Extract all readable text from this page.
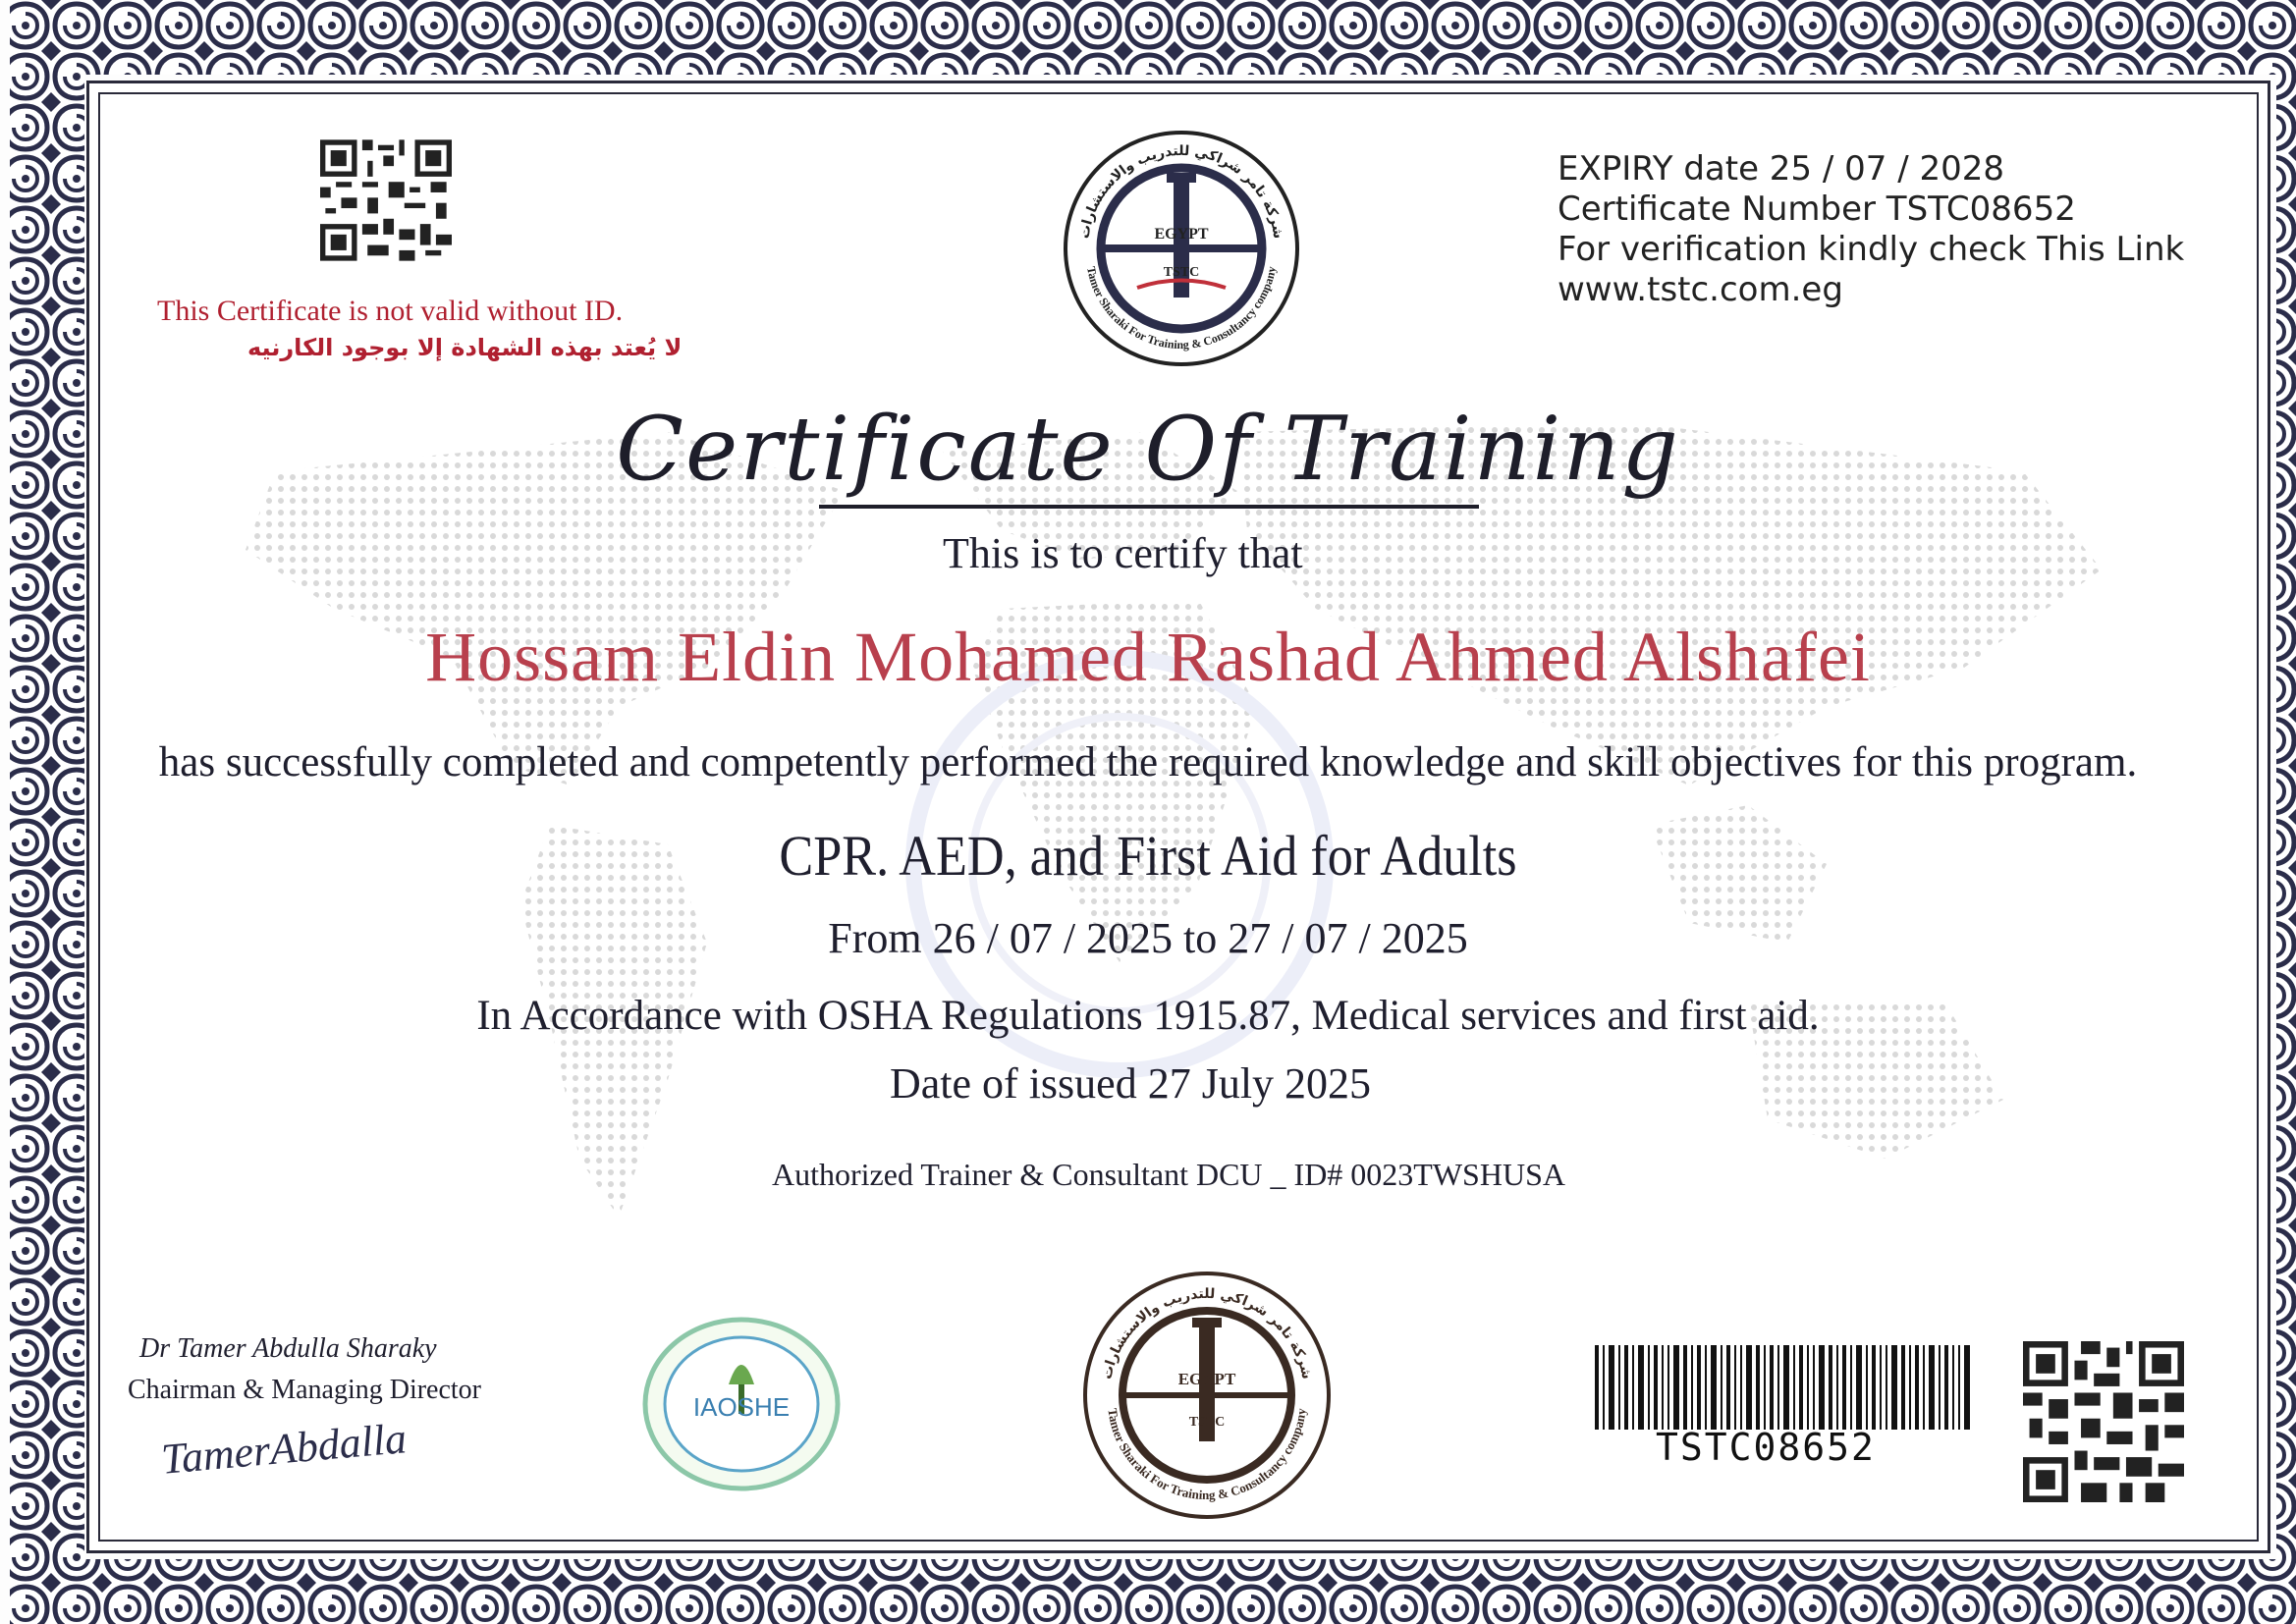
This Certificate is not valid without ID.
لا يُعتد بهذه الشهادة إلا بوجود الكارنيه
شركة تامر شراكي للتدريب والاستشارات
Tamer Sharaki For Training & Consultancy company
EGYPT
TSTC
EXPIRY date 25 / 07 / 2028
Certificate Number TSTC08652
For verification kindly check This Link
www.tstc.com.eg
Certificate Of Training
This is to certify that
Hossam Eldin Mohamed Rashad Ahmed Alshafei
has successfully completed and competently performed the required knowledge and skill objectives for this program.
CPR. AED, and First Aid for Adults
From 26 / 07 / 2025 to 27 / 07 / 2025
In Accordance with OSHA Regulations 1915.87, Medical services and first aid.
Date of issued 27 July 2025
Authorized Trainer & Consultant DCU _ ID# 0023TWSHUSA
Dr Tamer Abdulla Sharaky
Chairman & Managing Director
TamerAbdalla
IAOSHE
شركة تامر شراكي للتدريب والاستشارات
Tamer Sharaki For Training & Consultancy company
EGYPT
TSTC
TSTC08652
